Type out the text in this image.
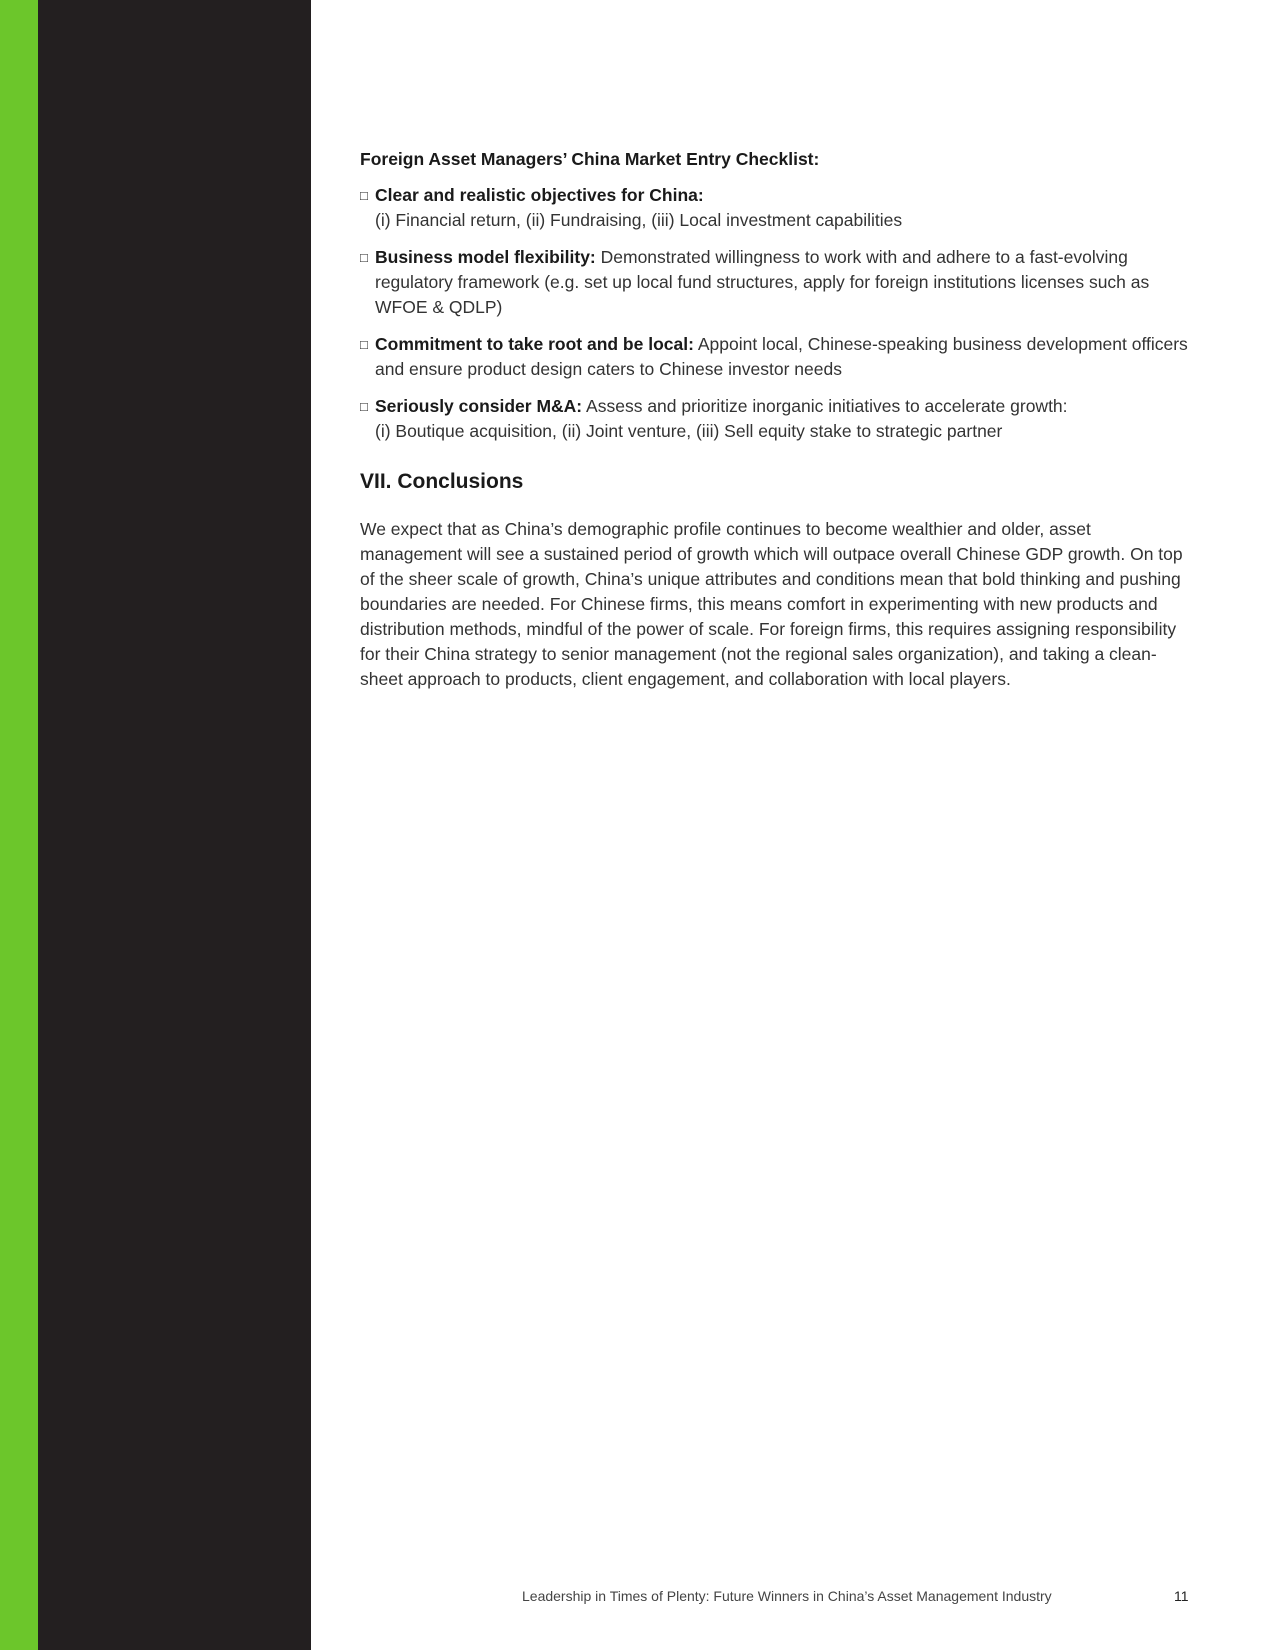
Foreign Asset Managers’ China Market Entry Checklist:
□ Clear and realistic objectives for China:
(i) Financial return, (ii) Fundraising, (iii) Local investment capabilities
□ Business model flexibility: Demonstrated willingness to work with and adhere to a fast-evolving regulatory framework (e.g. set up local fund structures, apply for foreign institutions licenses such as WFOE & QDLP)
□ Commitment to take root and be local: Appoint local, Chinese-speaking business development officers and ensure product design caters to Chinese investor needs
□ Seriously consider M&A: Assess and prioritize inorganic initiatives to accelerate growth:
(i) Boutique acquisition, (ii) Joint venture, (iii) Sell equity stake to strategic partner
VII. Conclusions

We expect that as China’s demographic profile continues to become wealthier and older, asset management will see a sustained period of growth which will outpace overall Chinese GDP growth. On top of the sheer scale of growth, China’s unique attributes and conditions mean that bold thinking and pushing boundaries are needed. For Chinese firms, this means comfort in experimenting with new products and distribution methods, mindful of the power of scale. For foreign firms, this requires assigning responsibility for their China strategy to senior management (not the regional sales organization), and taking a clean-sheet approach to products, client engagement, and collaboration with local players.

Leadership in Times of Plenty: Future Winners in China’s Asset Management Industry	11
